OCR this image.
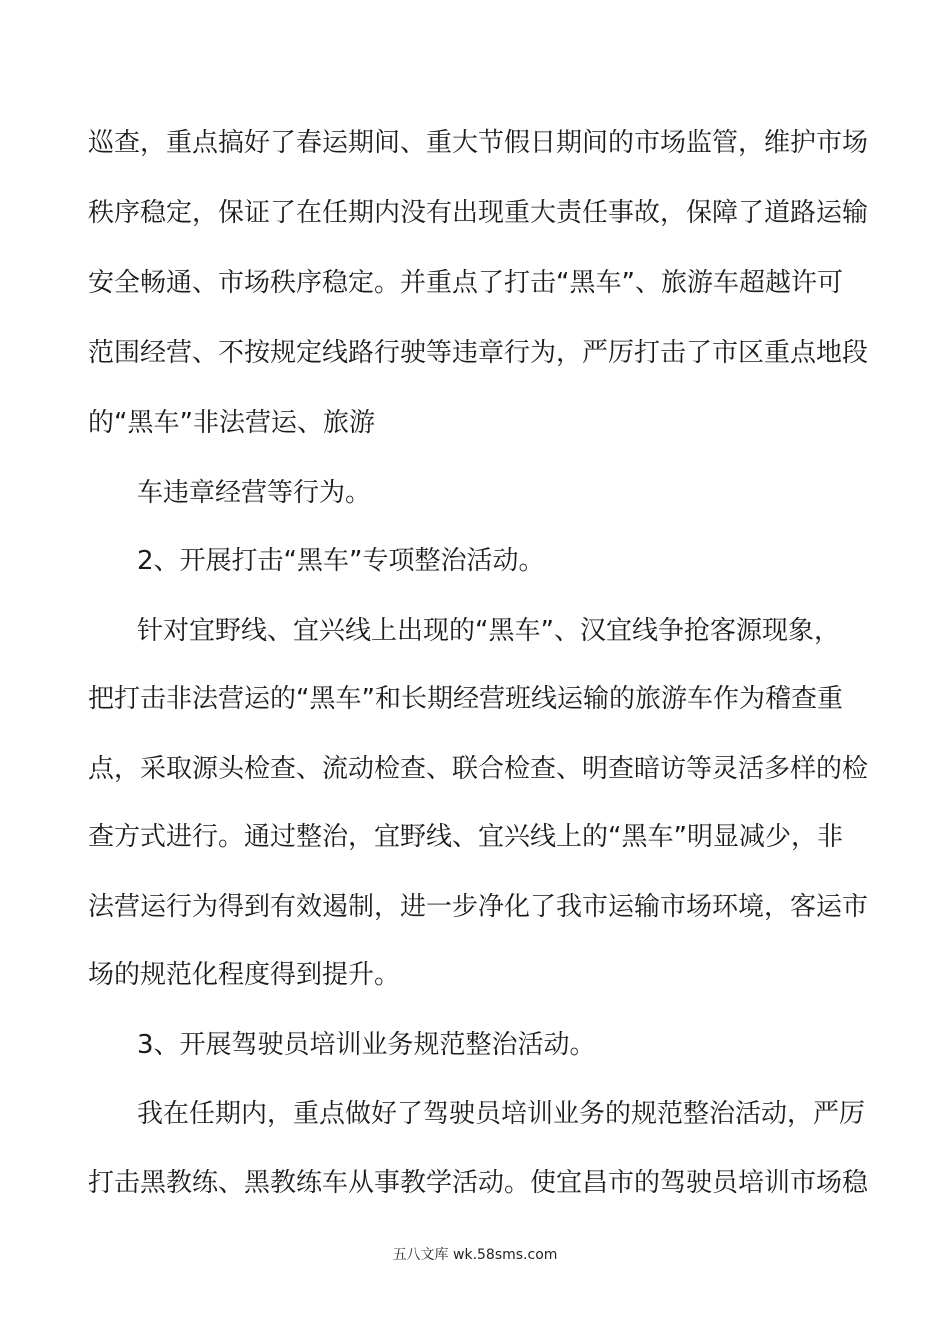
巡查，重点搞好了春运期间、重大节假日期间的市场监管，维护市场
秩序稳定，保证了在任期内没有出现重大责任事故，保障了道路运输
安全畅通、市场秩序稳定。并重点了打击“黑车”、旅游车超越许可
范围经营、不按规定线路行驶等违章行为，严厉打击了市区重点地段
的“黑车”非法营运、旅游
车违章经营等行为。
2、开展打击“黑车”专项整治活动。
针对宜野线、宜兴线上出现的“黑车”、汉宜线争抢客源现象，
把打击非法营运的“黑车”和长期经营班线运输的旅游车作为稽查重
点，采取源头检查、流动检查、联合检查、明查暗访等灵活多样的检
查方式进行。通过整治，宜野线、宜兴线上的“黑车”明显减少，非
法营运行为得到有效遏制，进一步净化了我市运输市场环境，客运市
场的规范化程度得到提升。
3、开展驾驶员培训业务规范整治活动。
我在任期内，重点做好了驾驶员培训业务的规范整治活动，严厉
打击黑教练、黑教练车从事教学活动。使宜昌市的驾驶员培训市场稳
五八文库 wk.58sms.com
